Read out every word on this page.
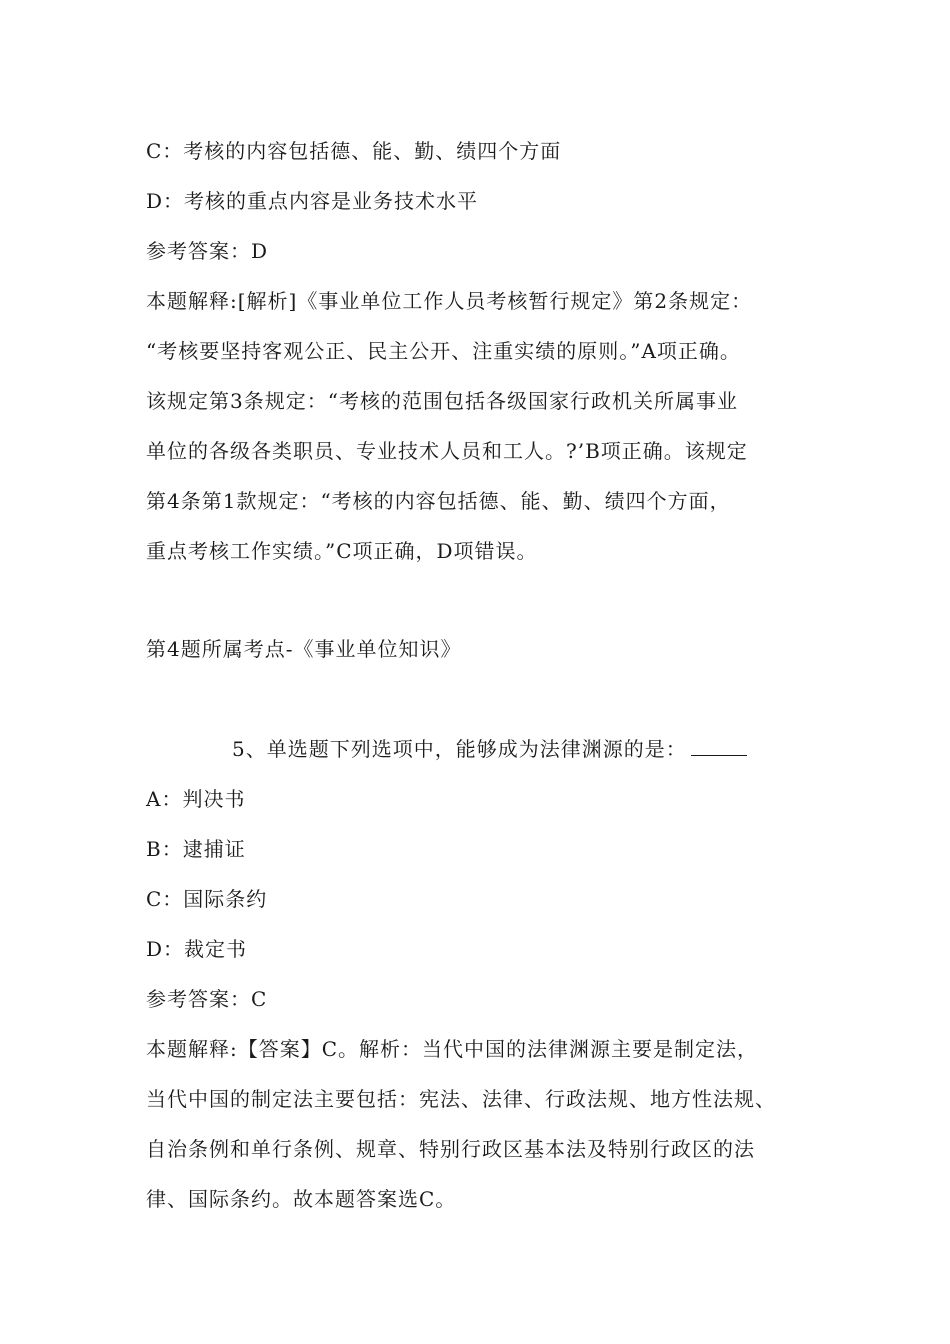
C：考核的内容包括德、能、勤、绩四个方面
D：考核的重点内容是业务技术水平
参考答案：D
本题解释:[解析]《事业单位工作人员考核暂行规定》第2条规定：
“考核要坚持客观公正、民主公开、注重实绩的原则。”A项正确。
该规定第3条规定：“考核的范围包括各级国家行政机关所属事业
单位的各级各类职员、专业技术人员和工人。?’B项正确。该规定
第4条第1款规定：“考核的内容包括德、能、勤、绩四个方面，
重点考核工作实绩。”C项正确，D项错误。
第4题所属考点-《事业单位知识》
5、单选题下列选项中，能够成为法律渊源的是：
A：判决书
B：逮捕证
C：国际条约
D：裁定书
参考答案：C
本题解释:【答案】C。解析：当代中国的法律渊源主要是制定法，
当代中国的制定法主要包括：宪法、法律、行政法规、地方性法规、
自治条例和单行条例、规章、特别行政区基本法及特别行政区的法
律、国际条约。故本题答案选C。
